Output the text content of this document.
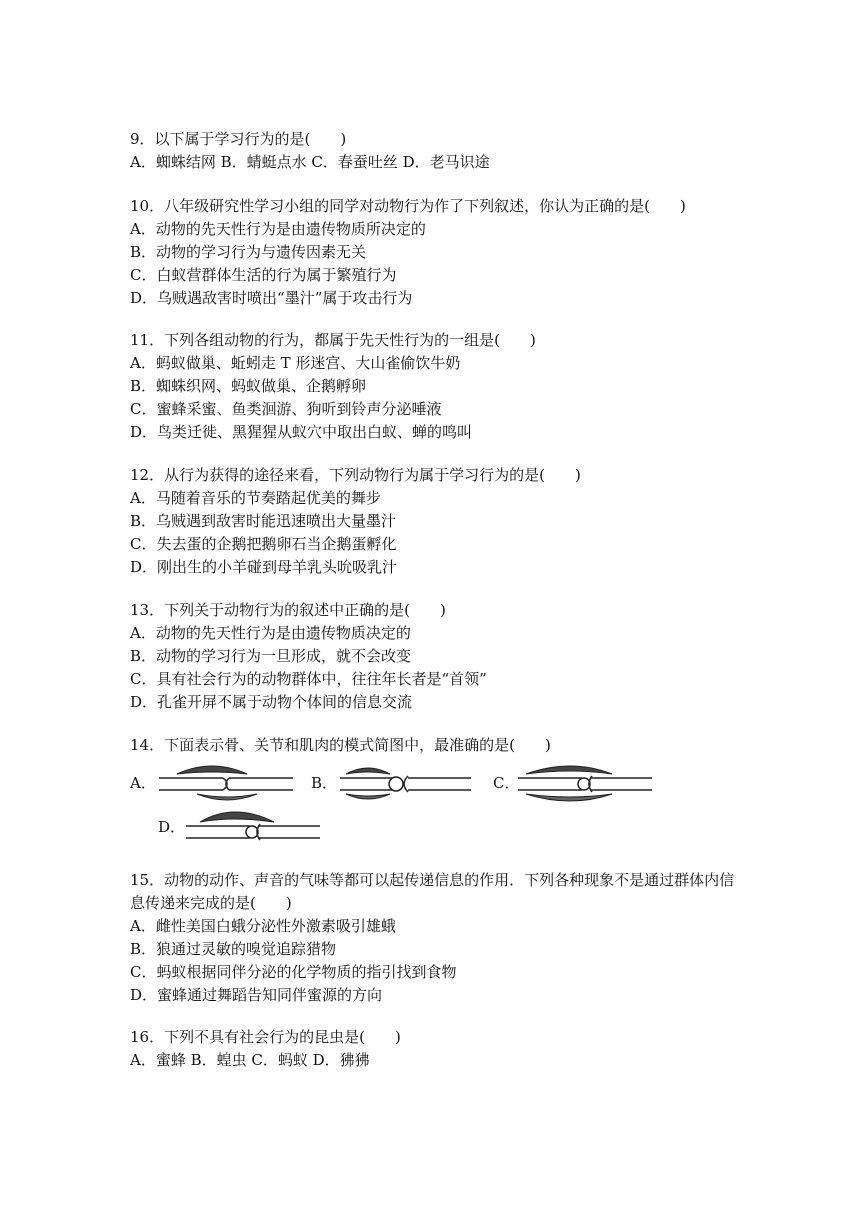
9．以下属于学习行为的是(　　)
A．蜘蛛结网 B．蜻蜓点水 C．春蚕吐丝 D．老马识途
10．八年级研究性学习小组的同学对动物行为作了下列叙述，你认为正确的是(　　)
A．动物的先天性行为是由遗传物质所决定的
B．动物的学习行为与遗传因素无关
C．白蚁营群体生活的行为属于繁殖行为
D．乌贼遇敌害时喷出“墨汁”属于攻击行为
11．下列各组动物的行为，都属于先天性行为的一组是(　　)
A．蚂蚁做巢、蚯蚓走 T 形迷宫、大山雀偷饮牛奶
B．蜘蛛织网、蚂蚁做巢、企鹅孵卵
C．蜜蜂采蜜、鱼类洄游、狗听到铃声分泌唾液
D．鸟类迁徙、黑猩猩从蚁穴中取出白蚁、蝉的鸣叫
12．从行为获得的途径来看，下列动物行为属于学习行为的是(　　)
A．马随着音乐的节奏踏起优美的舞步
B．乌贼遇到敌害时能迅速喷出大量墨汁
C．失去蛋的企鹅把鹅卵石当企鹅蛋孵化
D．刚出生的小羊碰到母羊乳头吮吸乳汁
13．下列关于动物行为的叙述中正确的是(　　)
A．动物的先天性行为是由遗传物质决定的
B．动物的学习行为一旦形成，就不会改变
C．具有社会行为的动物群体中，往往年长者是“首领”
D．孔雀开屏不属于动物个体间的信息交流
14．下面表示骨、关节和肌肉的模式简图中，最准确的是(　　)
A．	B．	C．
D．
15．动物的动作、声音的气味等都可以起传递信息的作用．下列各种现象不是通过群体内信
息传递来完成的是(　　)
A．雌性美国白蛾分泌性外激素吸引雄蛾
B．狼通过灵敏的嗅觉追踪猎物
C．蚂蚁根据同伴分泌的化学物质的指引找到食物
D．蜜蜂通过舞蹈告知同伴蜜源的方向
16．下列不具有社会行为的昆虫是(　　)
A．蜜蜂 B．蝗虫 C．蚂蚁 D．狒狒
